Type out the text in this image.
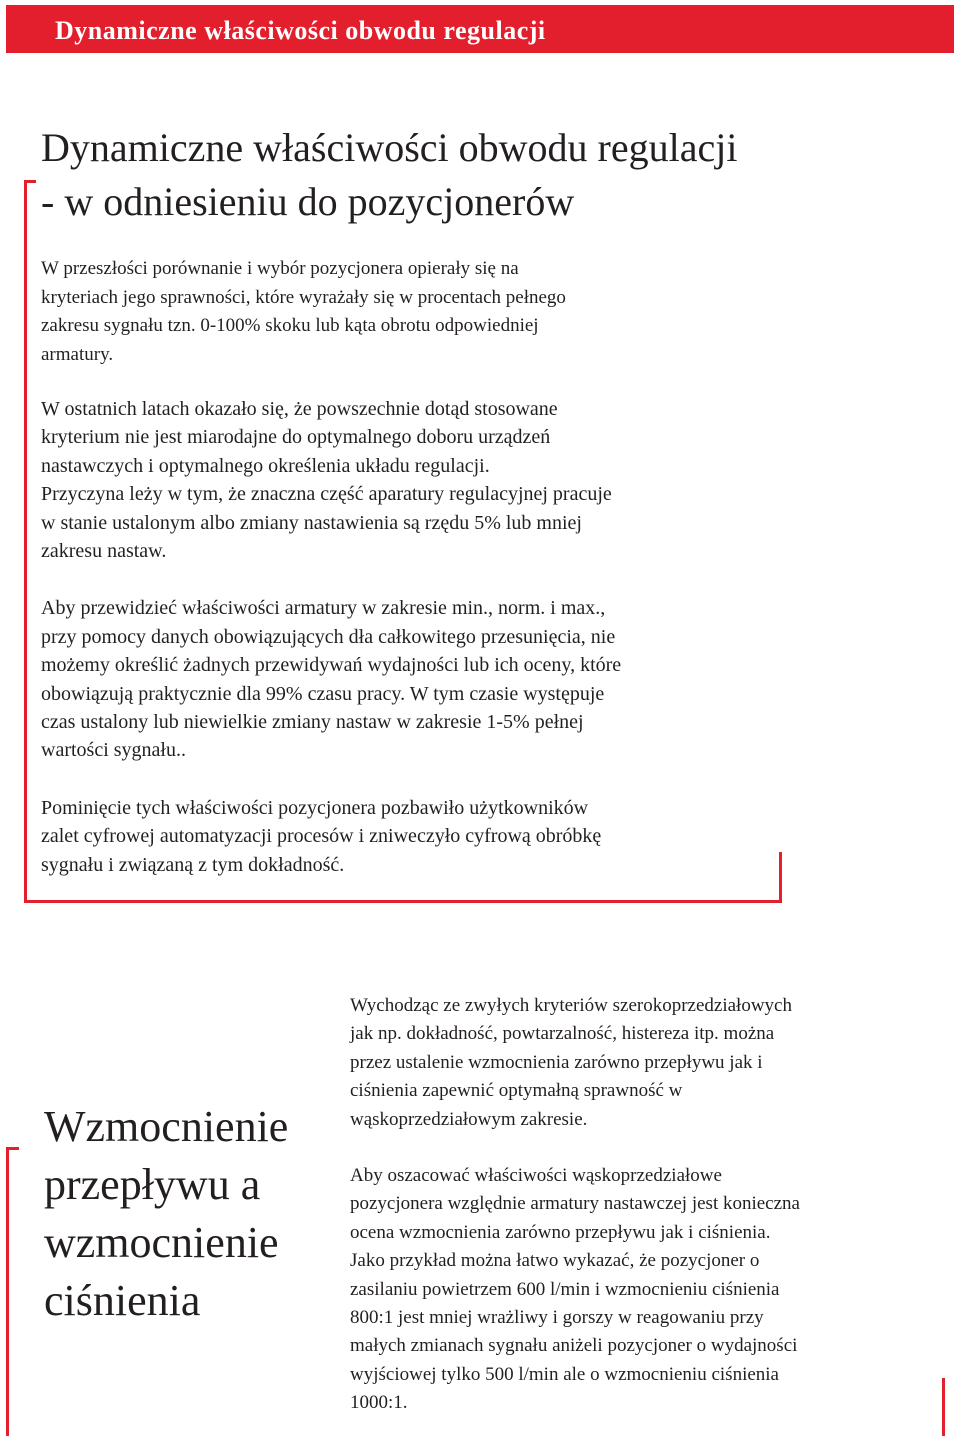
Dynamiczne właściwości obwodu regulacji
Dynamiczne właściwości obwodu regulacji
- w odniesieniu do pozycjonerów

W przeszłości porównanie i wybór pozycjonera opierały się na
kryteriach jego sprawności, które wyrażały się w procentach pełnego
zakresu sygnału tzn. 0-100% skoku lub kąta obrotu odpowiedniej
armatury.

W ostatnich latach okazało się, że powszechnie dotąd stosowane
kryterium nie jest miarodajne do optymalnego doboru urządzeń
nastawczych i optymalnego określenia układu regulacji.
Przyczyna leży w tym, że znaczna część aparatury regulacyjnej pracuje
w stanie ustalonym albo zmiany nastawienia są rzędu 5% lub mniej
zakresu nastaw.

Aby przewidzieć właściwości armatury w zakresie min., norm. i max.,
przy pomocy danych obowiązujących dła całkowitego przesunięcia, nie
możemy określić żadnych przewidywań wydajności lub ich oceny, które
obowiązują praktycznie dla 99% czasu pracy. W tym czasie występuje
czas ustalony lub niewielkie zmiany nastaw w zakresie 1-5% pełnej
wartości sygnału..

Pominięcie tych właściwości pozycjonera pozbawiło użytkowników
zalet cyfrowej automatyzacji procesów i zniweczyło cyfrową obróbkę
sygnału i związaną z tym dokładność.

Wzmocnienie
przepływu a
wzmocnienie
ciśnienia

Wychodząc ze zwyłych kryteriów szerokoprzedziałowych
jak np. dokładność, powtarzalność, histereza itp. można
przez ustalenie wzmocnienia zarówno przepływu jak i
ciśnienia zapewnić optymałną sprawność w
wąskoprzedziałowym zakresie.

Aby oszacować właściwości wąskoprzedziałowe
pozycjonera względnie armatury nastawczej jest konieczna
ocena wzmocnienia zarówno przepływu jak i ciśnienia.
Jako przykład można łatwo wykazać, że pozycjoner o
zasilaniu powietrzem 600 l/min i wzmocnieniu ciśnienia
800:1 jest mniej wrażliwy i gorszy w reagowaniu przy
małych zmianach sygnału aniżeli pozycjoner o wydajności
wyjściowej tylko 500 l/min ale o wzmocnieniu ciśnienia
1000:1.
